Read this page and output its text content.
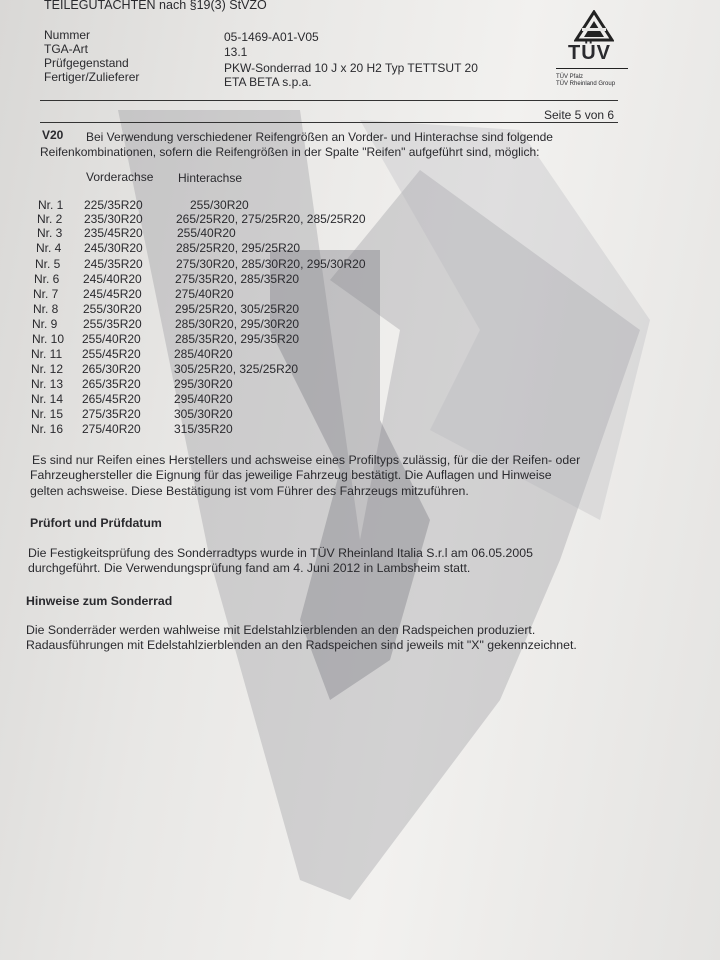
TEILEGUTACHTEN nach §19(3) StVZO
Nummer	05-1469-A01-V05
TGA-Art	13.1
Prüfgegenstand	PKW-Sonderrad 10 J x 20 H2 Typ TETTSUT 20
Fertiger/Zulieferer	ETA BETA s.p.a.
TÜV
TÜV Pfalz
TÜV Rheinland Group
Seite 5 von 6
V20 Bei Verwendung verschiedener Reifengrößen an Vorder- und Hinterachse sind folgende
Reifenkombinationen, sofern die Reifengrößen in der Spalte "Reifen" aufgeführt sind, möglich:
Vorderachse Hinterachse
Nr. 1 225/35R20	255/30R20
Nr. 2 235/30R20	265/25R20, 275/25R20, 285/25R20
Nr. 3 235/45R20	255/40R20
Nr. 4 245/30R20	285/25R20, 295/25R20
Nr. 5 245/35R20	275/30R20, 285/30R20, 295/30R20
Nr. 6 245/40R20	275/35R20, 285/35R20
Nr. 7 245/45R20	275/40R20
Nr. 8 255/30R20	295/25R20, 305/25R20
Nr. 9 255/35R20	285/30R20, 295/30R20
Nr. 10 255/40R20	285/35R20, 295/35R20
Nr. 11 255/45R20	285/40R20
Nr. 12 265/30R20	305/25R20, 325/25R20
Nr. 13 265/35R20	295/30R20
Nr. 14 265/45R20	295/40R20
Nr. 15 275/35R20	305/30R20
Nr. 16 275/40R20	315/35R20
Es sind nur Reifen eines Herstellers und achsweise eines Profiltyps zulässig, für die der Reifen- oder
Fahrzeughersteller die Eignung für das jeweilige Fahrzeug bestätigt. Die Auflagen und Hinweise
gelten achsweise. Diese Bestätigung ist vom Führer des Fahrzeugs mitzuführen.
Prüfort und Prüfdatum
Die Festigkeitsprüfung des Sonderradtyps wurde in TÜV Rheinland Italia S.r.l am 06.05.2005
durchgeführt. Die Verwendungsprüfung fand am 4. Juni 2012 in Lambsheim statt.
Hinweise zum Sonderrad
Die Sonderräder werden wahlweise mit Edelstahlzierblenden an den Radspeichen produziert.
Radausführungen mit Edelstahlzierblenden an den Radspeichen sind jeweils mit "X" gekennzeichnet.
